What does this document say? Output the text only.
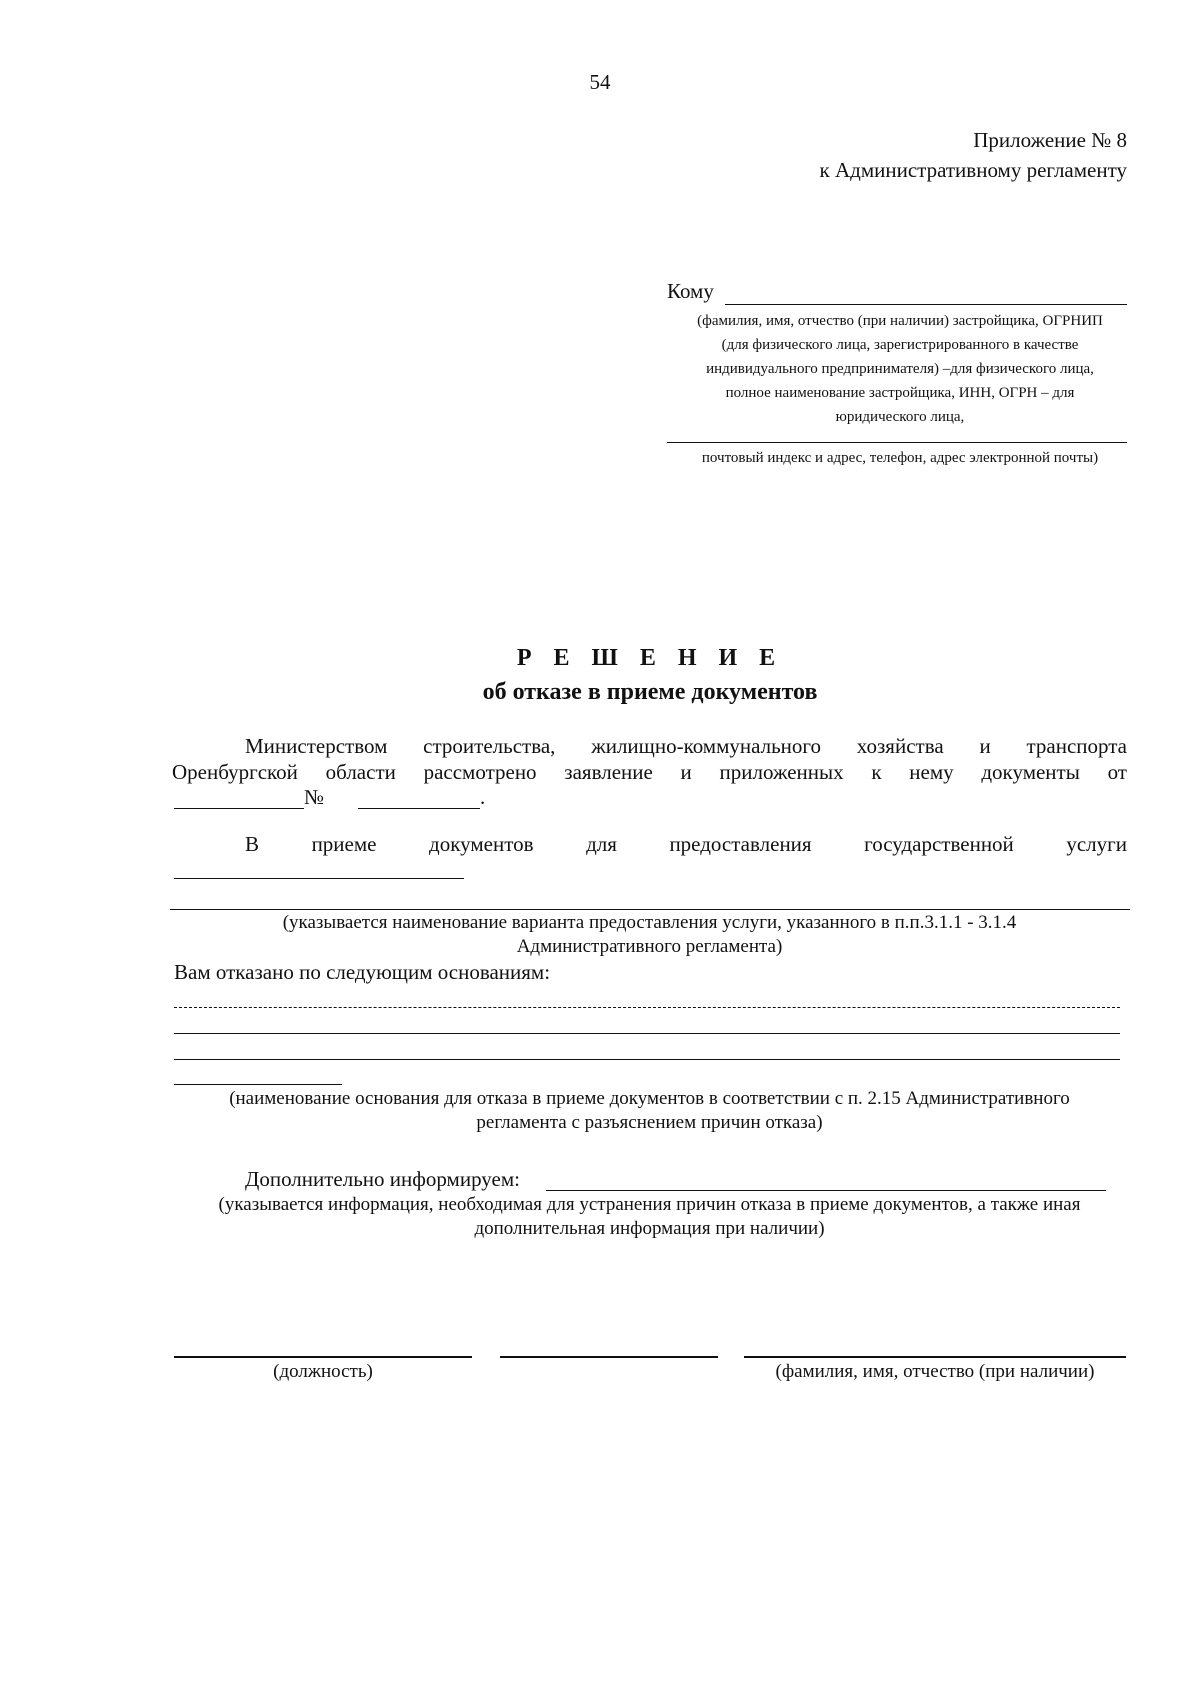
54
Приложение № 8
к Административному регламенту
Кому
(фамилия, имя, отчество (при наличии) застройщика, ОГРНИП
(для физического лица, зарегистрированного в качестве
индивидуального предпринимателя) –для физического лица,
полное наименование застройщика, ИНН, ОГРН – для
юридического лица,
почтовый индекс и адрес, телефон, адрес электронной почты)
Р Е Ш Е Н И Е
об отказе в приеме документов
Министерством строительства, жилищно-коммунального хозяйства и транспорта
Оренбургской области рассмотрено заявление и приложенных к нему документы от
№	.
В	приеме	документов	для	предоставления	государственной	услуги
(указывается наименование варианта предоставления услуги, указанного в п.п.3.1.1 - 3.1.4
Административного регламента)
Вам отказано по следующим основаниям:
(наименование основания для отказа в приеме документов в соответствии с п. 2.15 Административного
регламента с разъяснением причин отказа)
Дополнительно информируем:
(указывается информация, необходимая для устранения причин отказа в приеме документов, а также иная
дополнительная информация при наличии)
(должность)	(фамилия, имя, отчество (при наличии)
